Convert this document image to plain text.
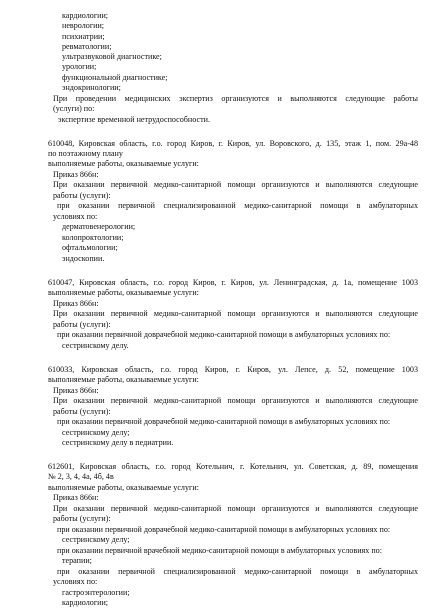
кардиологии;
неврологии;
психиатрии;
ревматологии;
ультразвуковой диагностике;
урологии;
функциональной диагностике;
эндокринологии;
При проведении медицинских экспертиз организуются и выполняются следующие работы
(услуги) по:
экспертизе временной нетрудоспособности.
610048, Кировская область, г.о. город Киров, г. Киров, ул. Воровского, д. 135, этаж 1, пом. 29а-48
по поэтажному плану
выполняемые работы, оказываемые услуги:
Приказ 866н:
При оказании первичной медико-санитарной помощи организуются и выполняются следующие
работы (услуги):
при оказании первичной специализированной медико-санитарной помощи в амбулаторных
условиях по:
дерматовенерологии;
колопроктологии;
офтальмологии;
эндоскопии.
610047, Кировская область, г.о. город Киров, г. Киров, ул. Ленинградская, д. 1а, помещение 1003
выполняемые работы, оказываемые услуги:
Приказ 866н:
При оказании первичной медико-санитарной помощи организуются и выполняются следующие
работы (услуги):
при оказании первичной доврачебной медико-санитарной помощи в амбулаторных условиях по:
сестринскому делу.
610033, Кировская область, г.о. город Киров, г. Киров, ул. Лепсе, д. 52, помещение 1003
выполняемые работы, оказываемые услуги:
Приказ 866н:
При оказании первичной медико-санитарной помощи организуются и выполняются следующие
работы (услуги):
при оказании первичной доврачебной медико-санитарной помощи в амбулаторных условиях по:
сестринскому делу;
сестринскому делу в педиатрии.
612601, Кировская область, г.о. город Котельнич, г. Котельнич, ул. Советская, д. 89, помещения
№ 2, 3, 4, 4а, 4б, 4в
выполняемые работы, оказываемые услуги:
Приказ 866н:
При оказании первичной медико-санитарной помощи организуются и выполняются следующие
работы (услуги):
при оказании первичной доврачебной медико-санитарной помощи в амбулаторных условиях по:
сестринскому делу;
при оказании первичной врачебной медико-санитарной помощи в амбулаторных условиях по:
терапии;
при оказании первичной специализированной медико-санитарной помощи в амбулаторных
условиях по:
гастроэнтерологии;
кардиологии;
